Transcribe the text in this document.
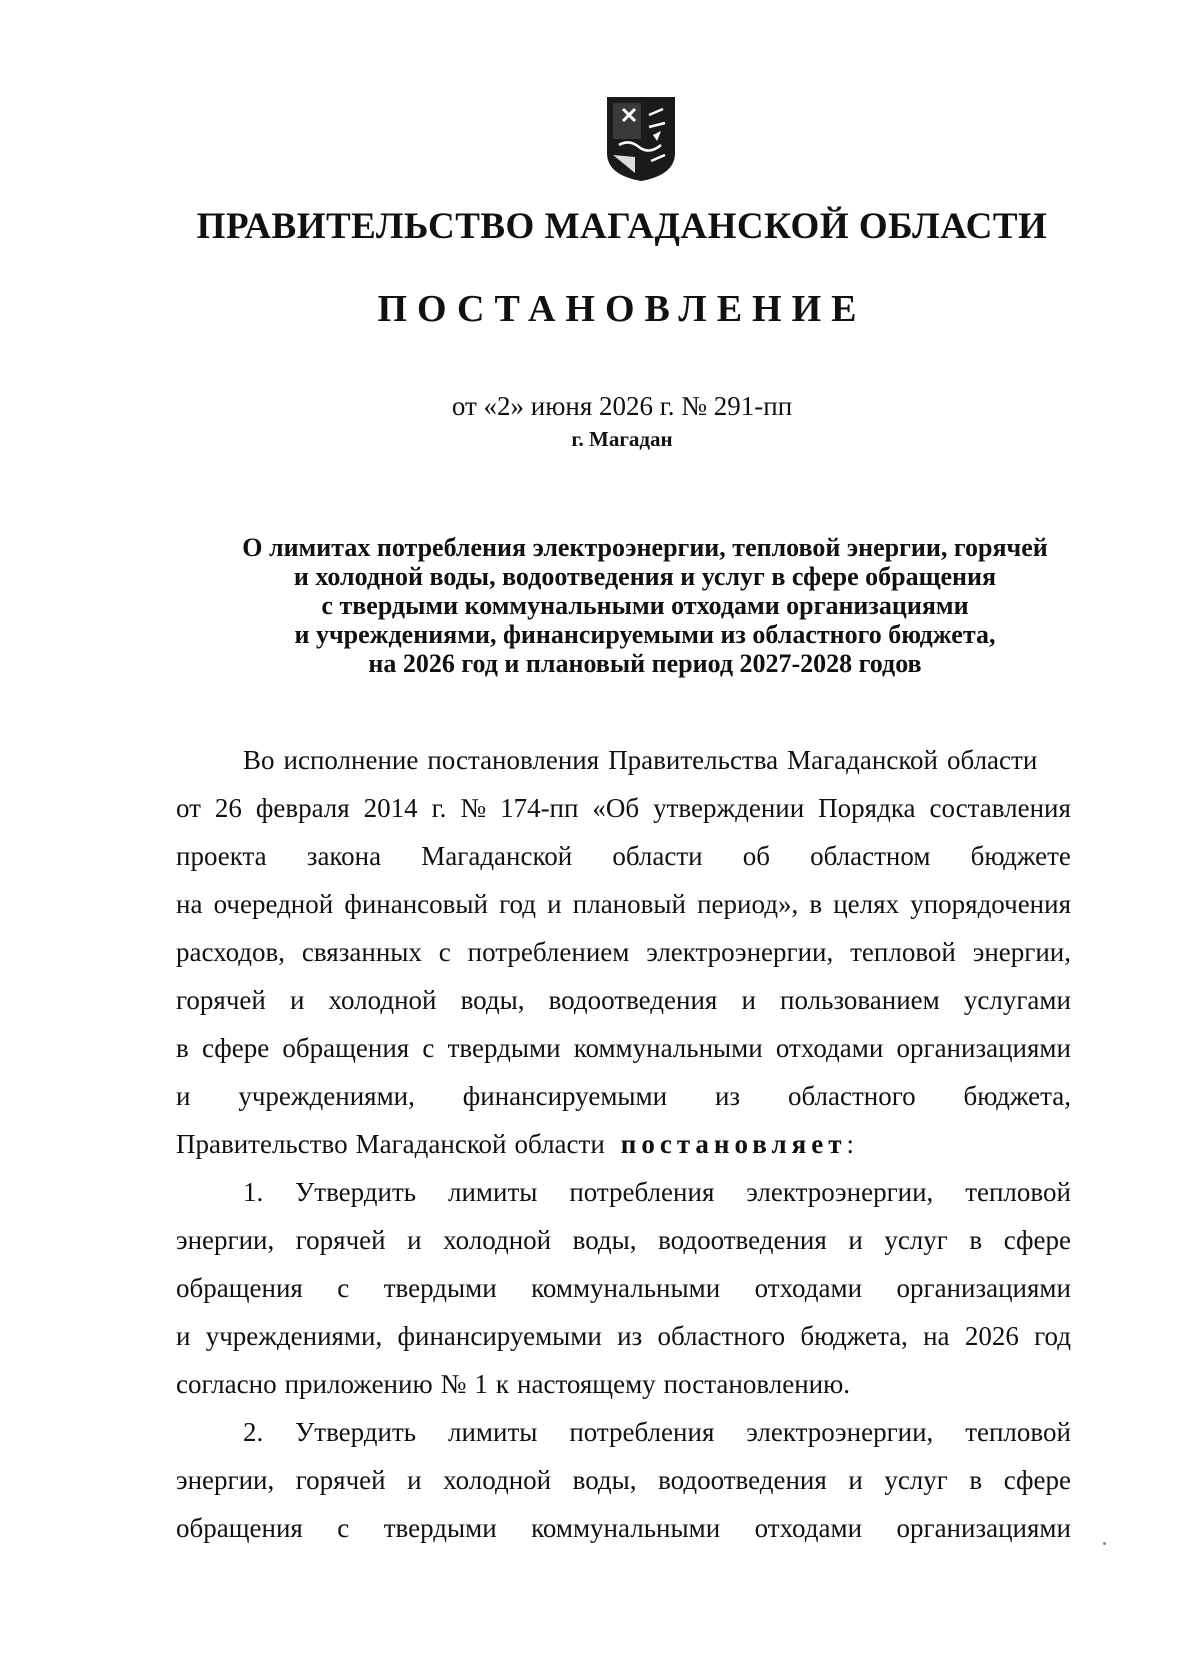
ПРАВИТЕЛЬСТВО МАГАДАНСКОЙ ОБЛАСТИ
ПОСТАНОВЛЕНИЕ
от «2» июня 2026 г. № 291-пп
г. Магадан
О лимитах потребления электроэнергии, тепловой энергии, горячей
и холодной воды, водоотведения и услуг в сфере обращения
с твердыми коммунальными отходами организациями
и учреждениями, финансируемыми из областного бюджета,
на 2026 год и плановый период 2027-2028 годов
Во исполнение постановления Правительства Магаданской области
от 26 февраля 2014 г. № 174-пп «Об утверждении Порядка составления
проекта закона Магаданской области об областном бюджете
на очередной финансовый год и плановый период», в целях упорядочения
расходов, связанных с потреблением электроэнергии, тепловой энергии,
горячей и холодной воды, водоотведения и пользованием услугами
в сфере обращения с твердыми коммунальными отходами организациями
и учреждениями, финансируемыми из областного бюджета,
Правительство Магаданской области постановляет :
1. Утвердить лимиты потребления электроэнергии, тепловой
энергии, горячей и холодной воды, водоотведения и услуг в сфере
обращения с твердыми коммунальными отходами организациями
и учреждениями, финансируемыми из областного бюджета, на 2026 год
согласно приложению № 1 к настоящему постановлению.
2. Утвердить лимиты потребления электроэнергии, тепловой
энергии, горячей и холодной воды, водоотведения и услуг в сфере
обращения с твердыми коммунальными отходами организациями
